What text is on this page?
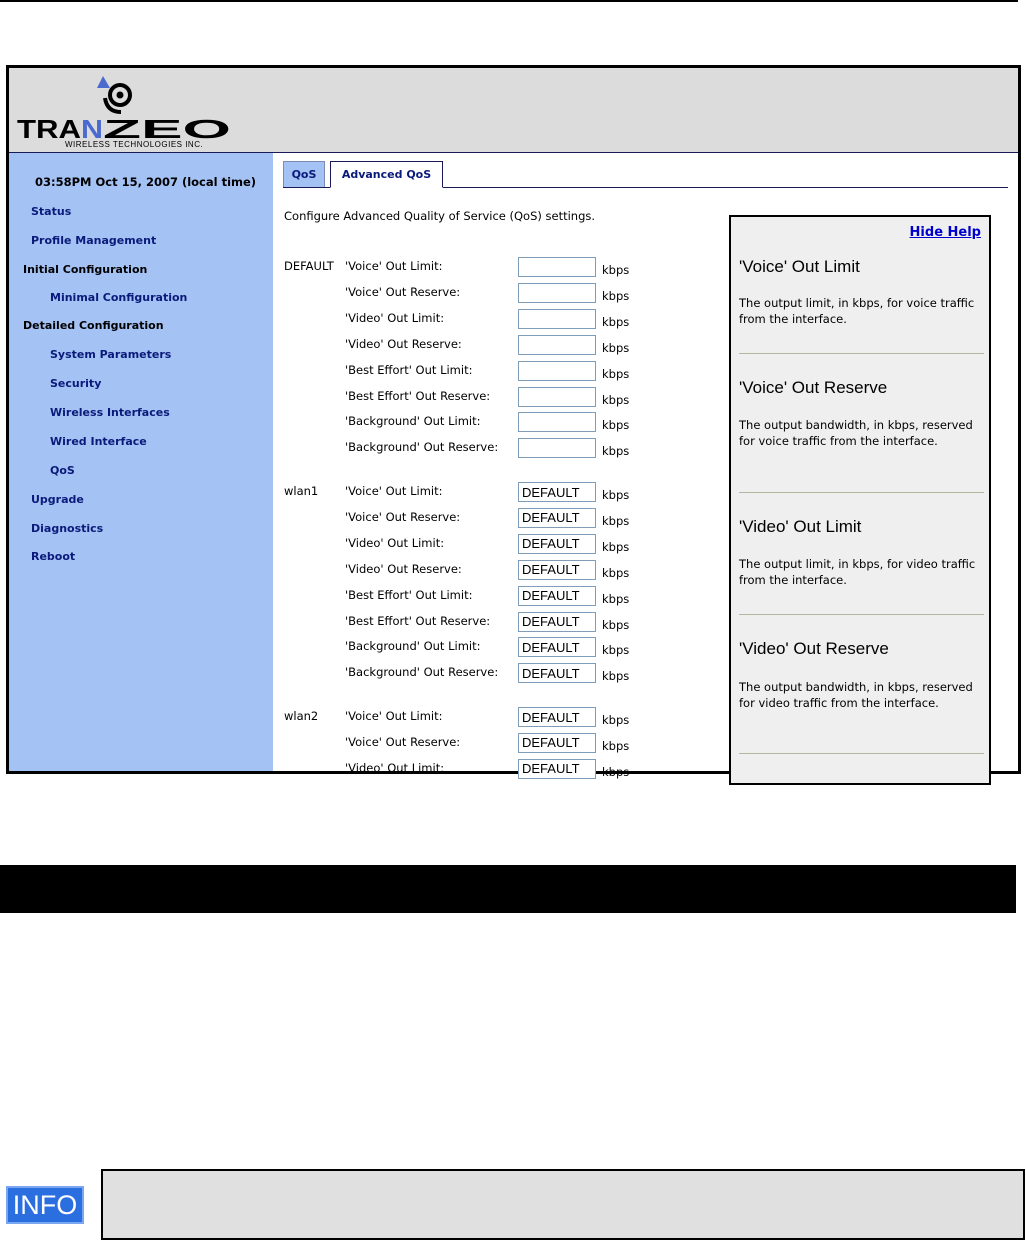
TRA N ZEO
WIRELESS TECHNOLOGIES INC.
03:58PM Oct 15, 2007 (local time)
Status
Profile Management
Initial Configuration
Minimal Configuration
Detailed Configuration
System Parameters
Security
Wireless Interfaces
Wired Interface
QoS
Upgrade
Diagnostics
Reboot
QoS	Advanced QoS
Configure Advanced Quality of Service (QoS) settings.
DEFAULT 'Voice' Out Limit:	kbps
'Voice' Out Reserve:	kbps
'Video' Out Limit:	kbps
'Video' Out Reserve:	kbps
'Best Effort' Out Limit:	kbps
'Best Effort' Out Reserve:	kbps
'Background' Out Limit:	kbps
'Background' Out Reserve:	kbps
wlan1 'Voice' Out Limit:
DEFAULT	kbps
'Voice' Out Reserve:
DEFAULT	kbps
'Video' Out Limit:
DEFAULT	kbps
'Video' Out Reserve:
DEFAULT	kbps
'Best Effort' Out Limit:
DEFAULT	kbps
'Best Effort' Out Reserve:
DEFAULT	kbps
'Background' Out Limit:
DEFAULT	kbps
'Background' Out Reserve:
DEFAULT	kbps
wlan2 'Voice' Out Limit:
DEFAULT	kbps
'Voice' Out Reserve:
DEFAULT	kbps
'Video' Out Limit:
DEFAULT	kbps
Hide Help
'Voice' Out Limit
The output limit, in kbps, for voice traffic from the interface.
'Voice' Out Reserve
The output bandwidth, in kbps, reserved for voice traffic from the interface.
'Video' Out Limit
The output limit, in kbps, for video traffic from the interface.
'Video' Out Reserve
The output bandwidth, in kbps, reserved for video traffic from the interface.
INFO
